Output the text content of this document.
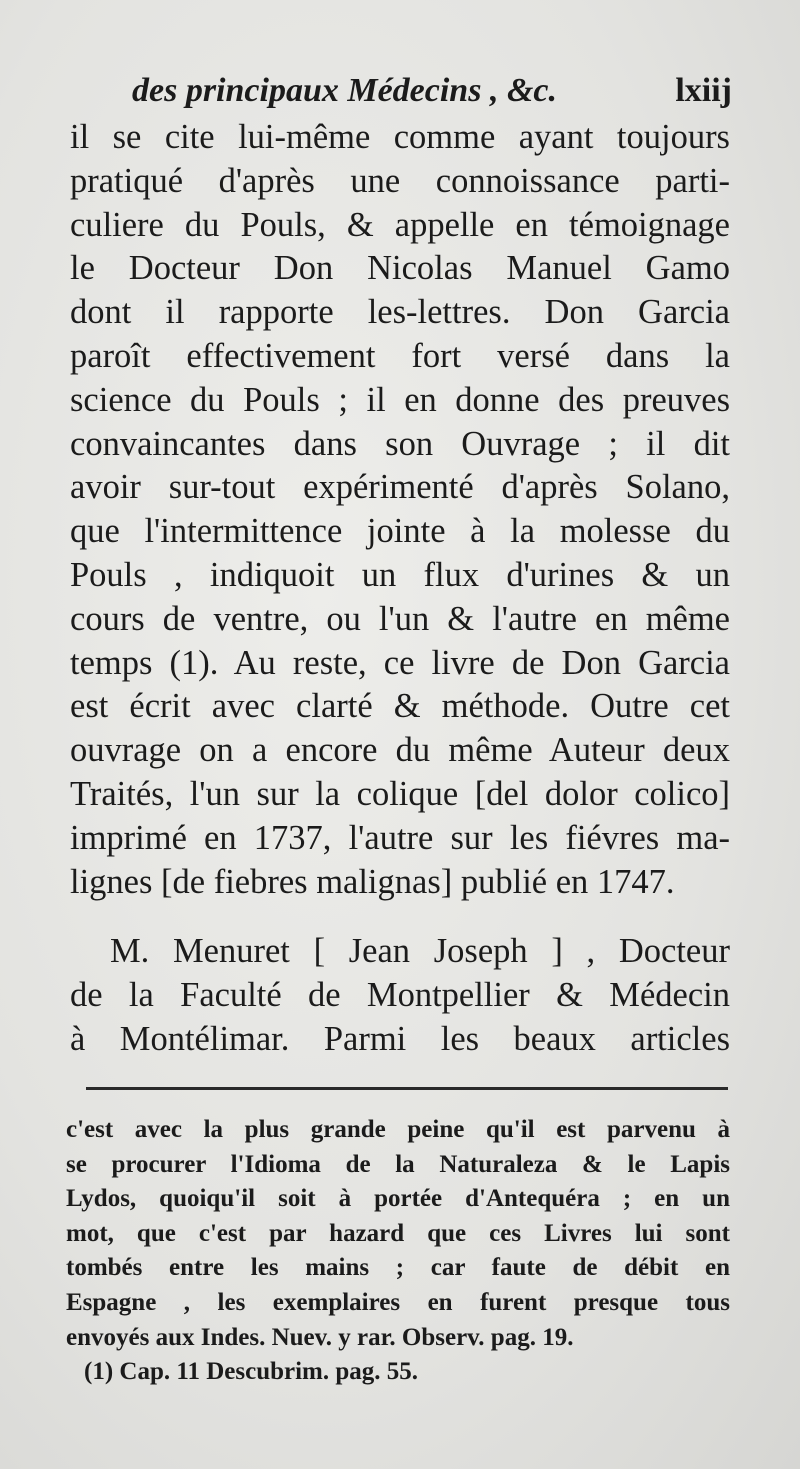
des principaux Médecins , &c.	lxiij
il se cite lui-même comme ayant toujours
pratiqué d'après une connoissance parti-
culiere du Pouls, & appelle en témoignage
le Docteur Don Nicolas Manuel Gamo
dont il rapporte les-lettres. Don Garcia
paroît effectivement fort versé dans la
science du Pouls ; il en donne des preuves
convaincantes dans son Ouvrage ; il dit
avoir sur-tout expérimenté d'après Solano,
que l'intermittence jointe à la molesse du
Pouls , indiquoit un flux d'urines & un
cours de ventre, ou l'un & l'autre en même
temps (1). Au reste, ce livre de Don Garcia
est écrit avec clarté & méthode. Outre cet
ouvrage on a encore du même Auteur deux
Traités, l'un sur la colique [del dolor colico]
imprimé en 1737, l'autre sur les fiévres ma-
lignes [de fiebres malignas] publié en 1747.
M. Menuret [ Jean Joseph ] , Docteur
de la Faculté de Montpellier & Médecin
à Montélimar. Parmi les beaux articles
c'est avec la plus grande peine qu'il est parvenu à
se procurer l'Idioma de la Naturaleza & le Lapis
Lydos, quoiqu'il soit à portée d'Antequéra ; en un
mot, que c'est par hazard que ces Livres lui sont
tombés entre les mains ; car faute de débit en
Espagne , les exemplaires en furent presque tous
envoyés aux Indes. Nuev. y rar. Observ. pag. 19.
(1) Cap. 11 Descubrim. pag. 55.
